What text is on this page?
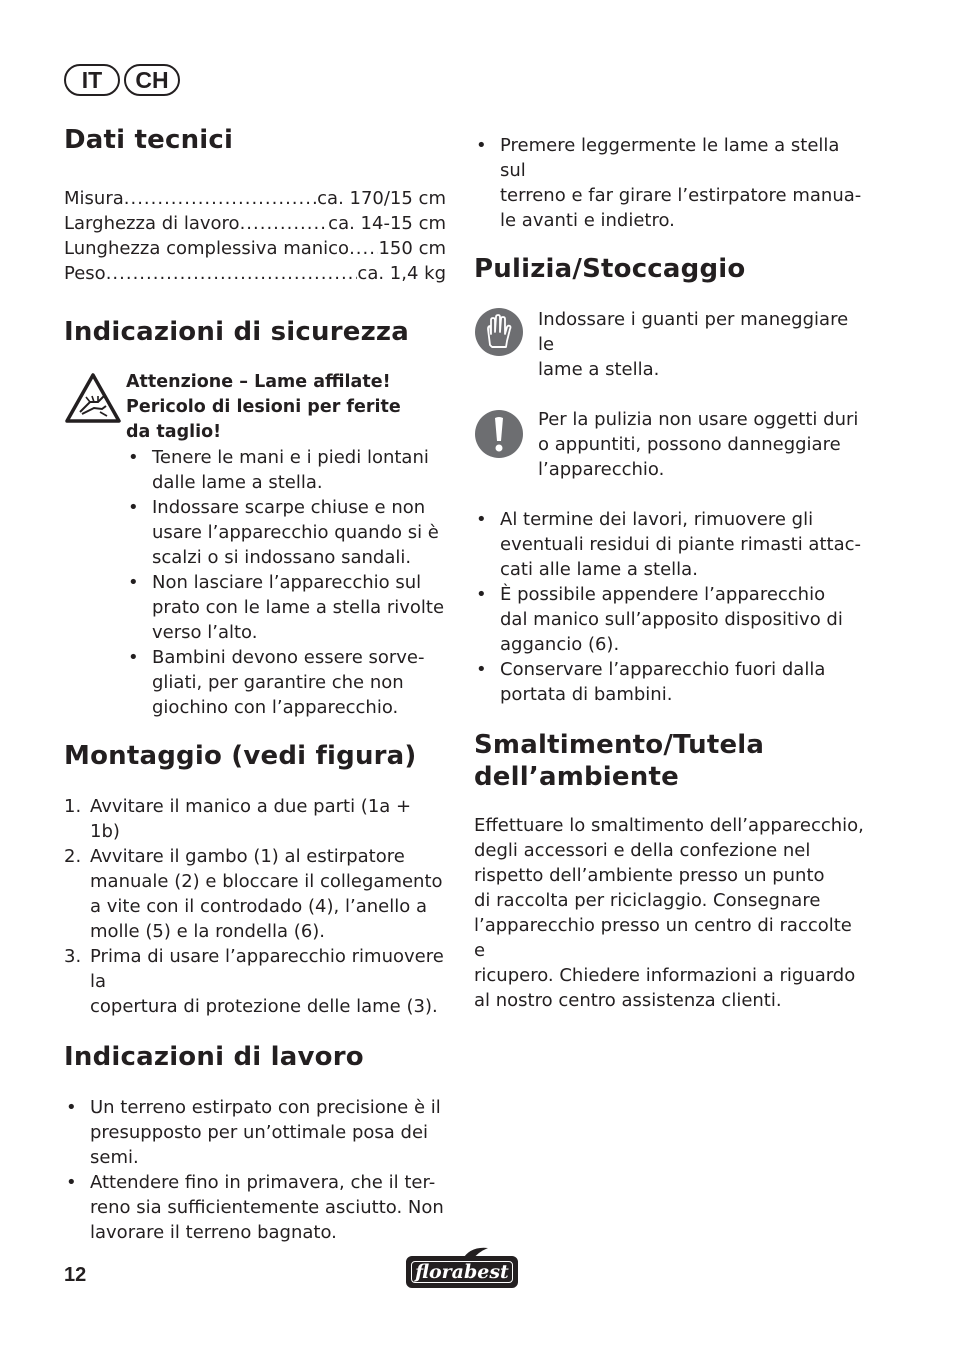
IT	CH
Dati tecnici
Misura .....	ca. 170/15 cm
Larghezza di lavoro .....	ca. 14-15 cm
Lunghezza complessiva manico ..... 150 cm
Peso .....	ca. 1,4 kg
Indicazioni di sicurezza
Attenzione – Lame affilate!
Pericolo di lesioni per ferite
da taglio!
• Tenere le mani e i piedi lontani
dalle lame a stella.
• Indossare scarpe chiuse e non
usare l’apparecchio quando si è
scalzi o si indossano sandali.
• Non lasciare l’apparecchio sul
prato con le lame a stella rivolte
verso l’alto.
• Bambini devono essere sorve-
gliati, per garantire che non
giochino con l’apparecchio.
Montaggio (vedi figura)
1. Avvitare il manico a due parti (1a + 1b)
2. Avvitare il gambo (1) al estirpatore
manuale (2) e bloccare il collegamento
a vite con il controdado (4), l’anello a
molle (5) e la rondella (6).
3. Prima di usare l’apparecchio rimuovere la
copertura di protezione delle lame (3).
Indicazioni di lavoro
• Un terreno estirpato con precisione è il
presupposto per un’ottimale posa dei
semi.
• Attendere fino in primavera, che il ter-
reno sia sufficientemente asciutto. Non
lavorare il terreno bagnato.
• Premere leggermente le lame a stella sul
terreno e far girare l’estirpatore manua-
le avanti e indietro.
Pulizia/Stoccaggio

Indossare i guanti per maneggiare le
lame a stella.

Per la pulizia non usare oggetti duri
o appuntiti, possono danneggiare
l’apparecchio.

• Al termine dei lavori, rimuovere gli
eventuali residui di piante rimasti attac-
cati alle lame a stella.
• È possibile appendere l’apparecchio
dal manico sull’apposito dispositivo di
aggancio (6).
• Conservare l’apparecchio fuori dalla
portata di bambini.
Smaltimento/Tutela
dell’ambiente

Effettuare lo smaltimento dell’apparecchio,
degli accessori e della confezione nel
rispetto dell’ambiente presso un punto
di raccolta per riciclaggio. Consegnare
l’apparecchio presso un centro di raccolte e
ricupero. Chiedere informazioni a riguardo
al nostro centro assistenza clienti.

12	florabest
